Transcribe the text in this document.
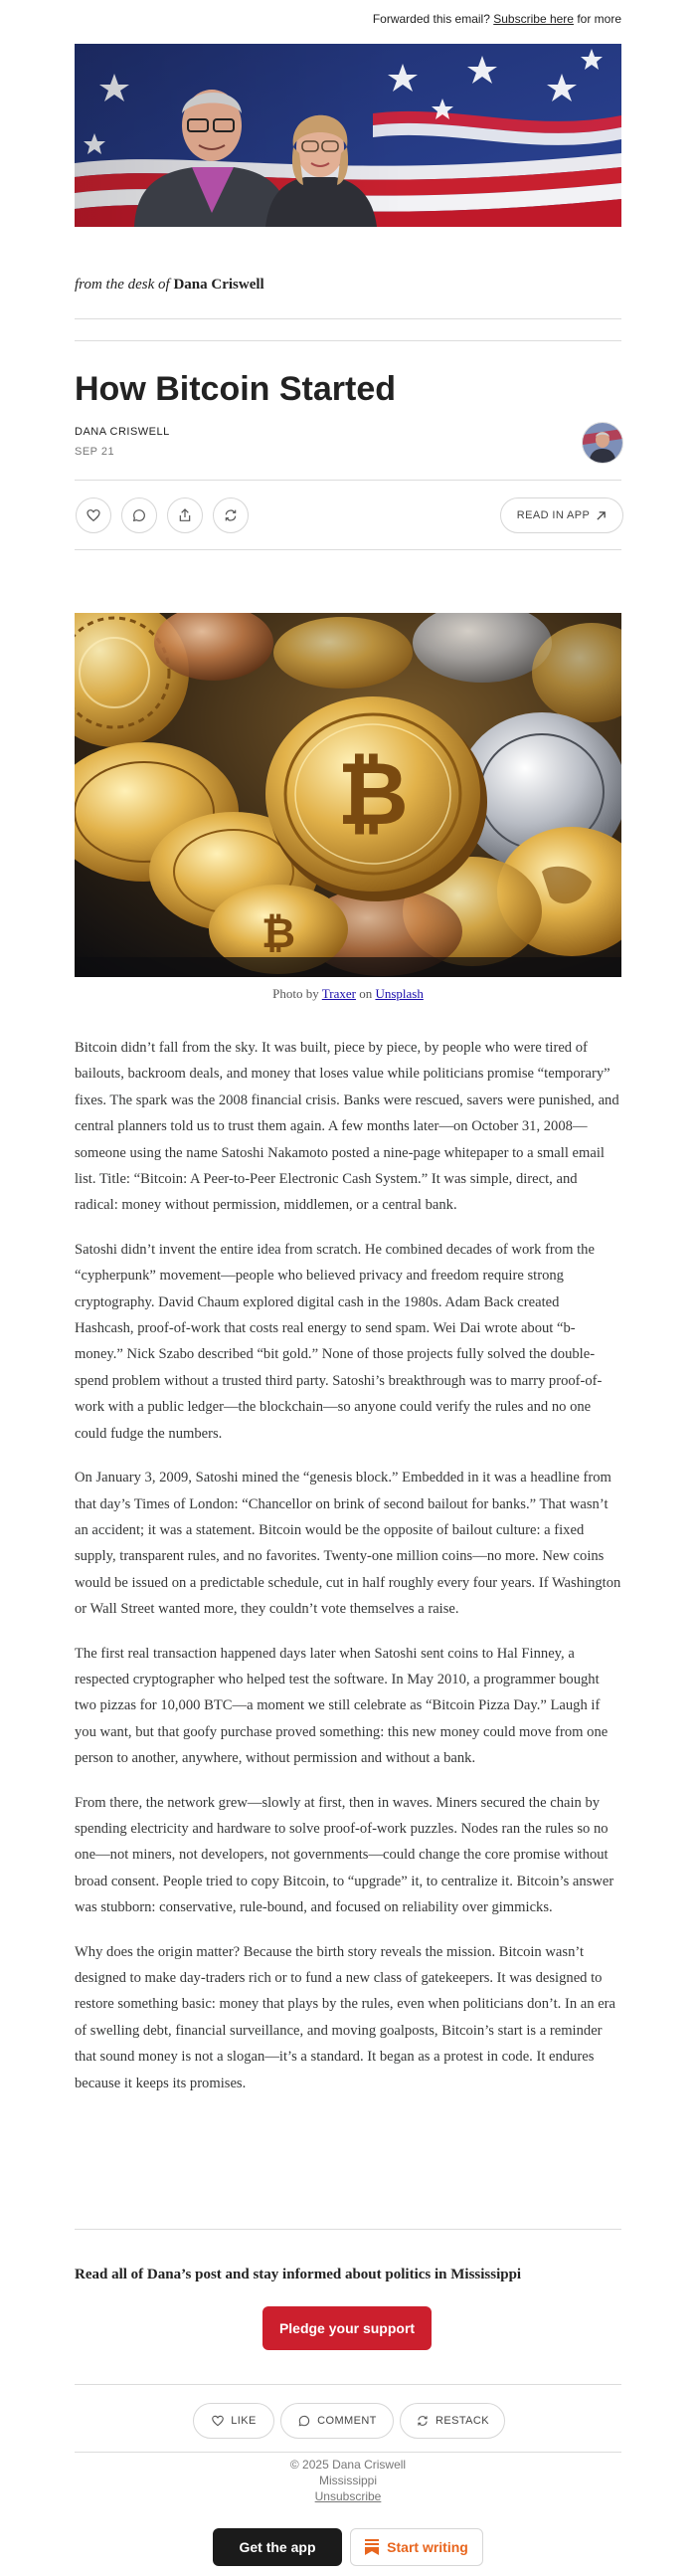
Forwarded this email? Subscribe here for more
from the desk of Dana Criswell
How Bitcoin Started
DANA CRISWELL
SEP 21
READ IN APP
₿
₿
Photo by Traxer on Unsplash

Bitcoin didn’t fall from the sky. It was built, piece by piece, by people who were tired of bailouts, backroom deals, and money that loses value while politicians promise “temporary” fixes. The spark was the 2008 financial crisis. Banks were rescued, savers were punished, and central planners told us to trust them again. A few months later—on October 31, 2008—someone using the name Satoshi Nakamoto posted a nine-page whitepaper to a small email list. Title: “Bitcoin: A Peer-to-Peer Electronic Cash System.” It was simple, direct, and radical: money without permission, middlemen, or a central bank.

Satoshi didn’t invent the entire idea from scratch. He combined decades of work from the “cypherpunk” movement—people who believed privacy and freedom require strong cryptography. David Chaum explored digital cash in the 1980s. Adam Back created Hashcash, proof-of-work that costs real energy to send spam. Wei Dai wrote about “b-money.” Nick Szabo described “bit gold.” None of those projects fully solved the double-spend problem without a trusted third party. Satoshi’s breakthrough was to marry proof-of-work with a public ledger—the blockchain—so anyone could verify the rules and no one could fudge the numbers.

On January 3, 2009, Satoshi mined the “genesis block.” Embedded in it was a headline from that day’s Times of London: “Chancellor on brink of second bailout for banks.” That wasn’t an accident; it was a statement. Bitcoin would be the opposite of bailout culture: a fixed supply, transparent rules, and no favorites. Twenty-one million coins—no more. New coins would be issued on a predictable schedule, cut in half roughly every four years. If Washington or Wall Street wanted more, they couldn’t vote themselves a raise.

The first real transaction happened days later when Satoshi sent coins to Hal Finney, a respected cryptographer who helped test the software. In May 2010, a programmer bought two pizzas for 10,000 BTC—a moment we still celebrate as “Bitcoin Pizza Day.” Laugh if you want, but that goofy purchase proved something: this new money could move from one person to another, anywhere, without permission and without a bank.

From there, the network grew—slowly at first, then in waves. Miners secured the chain by spending electricity and hardware to solve proof-of-work puzzles. Nodes ran the rules so no one—not miners, not developers, not governments—could change the core promise without broad consent. People tried to copy Bitcoin, to “upgrade” it, to centralize it. Bitcoin’s answer was stubborn: conservative, rule-bound, and focused on reliability over gimmicks.

Why does the origin matter? Because the birth story reveals the mission. Bitcoin wasn’t designed to make day-traders rich or to fund a new class of gatekeepers. It was designed to restore something basic: money that plays by the rules, even when politicians don’t. In an era of swelling debt, financial surveillance, and moving goalposts, Bitcoin’s start is a reminder that sound money is not a slogan—it’s a standard. It began as a protest in code. It endures because it keeps its promises.

Read all of Dana’s post and stay informed about politics in Mississippi
Pledge your support
LIKE	COMMENT	RESTACK
© 2025 Dana Criswell
Mississippi
Unsubscribe
Get the app	Start writing
